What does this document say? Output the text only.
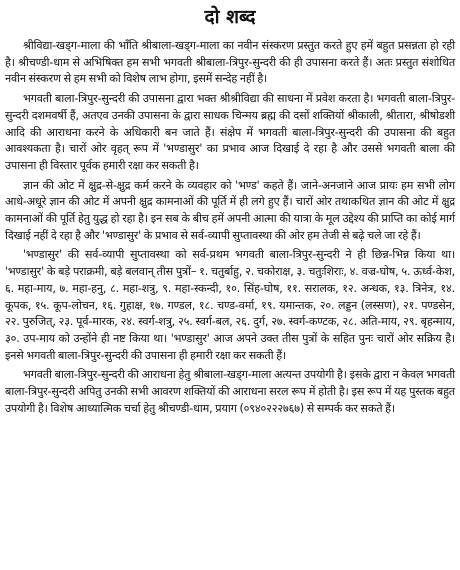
दो शब्द

श्रीविद्या-खड्ग-माला की भाँति श्रीबाला-खड्ग-माला का नवीन संस्करण प्रस्तुत करते हुए हमें बहुत प्रसन्नता हो रही है। श्रीचण्डी-धाम से अभिषिक्त हम सभी भगवती श्रीबाला-त्रिपुर-सुन्दरी की ही उपासना करते हैं। अतः प्रस्तुत संशोधित नवीन संस्करण से हम सभी को विशेष लाभ होगा, इसमें सन्देह नहीं है।

भगवती बाला-त्रिपुर-सुन्दरी की उपासना द्वारा भक्त श्रीश्रीविद्या की साधना में प्रवेश करता है। भगवती बाला-त्रिपुर-सुन्दरी दशमवर्षी हैं, अतएव उनकी उपासना के द्वारा साधक चिन्मय ब्रह्म की दसों शक्तियों श्रीकाली, श्रीतारा, श्रीषोडशी आदि की आराधना करने के अधिकारी बन जाते हैं। संक्षेप में भगवती बाला-त्रिपुर-सुन्दरी की उपासना की बहुत आवश्यकता है। चारों ओर वृहत् रूप में 'भण्डासुर' का प्रभाव आज दिखाई दे रहा है और उससे भगवती बाला की उपासना ही विस्तार पूर्वक हमारी रक्षा कर सकती है।

ज्ञान की ओट में क्षुद्र-से-क्षुद्र कर्म करने के व्यवहार को 'भण्ड' कहते हैं। जाने-अनजाने आज प्रायः हम सभी लोग आधे-अधूरे ज्ञान की ओट में अपनी क्षुद्र कामनाओं की पूर्ति में ही लगे हुए हैं। चारों ओर तथाकथित ज्ञान की ओट में क्षुद्र कामनाओं की पूर्ति हेतु युद्ध हो रहा है। इन सब के बीच हमें अपनी आत्मा की यात्रा के मूल उद्देश्य की प्राप्ति का कोई मार्ग दिखाई नहीं दे रहा है और 'भण्डासुर' के प्रभाव से सर्व-व्यापी सुप्तावस्था की ओर हम तेजी से बढ़े चले जा रहे हैं।

'भण्डासुर' की सर्व-व्यापी सुप्तावस्था को सर्व-प्रथम भगवती बाला-त्रिपुर-सुन्दरी ने ही छिन्न-भिन्न किया था। 'भण्डासुर' के बड़े पराक्रमी, बड़े बलवान् तीस पुत्रों– १. चतुर्बाहु, २. चकोराक्ष, ३. चतुःशिराः, ४. वज्र-घोष, ५. ऊर्ध्व-केश, ६. महा-माय, ७. महा-हनु, ८. महा-शत्रु, ९. महा-स्कन्दी, १०. सिंह-घोष, ११. सरालक, १२. अन्धक, १३. त्रिनेत्र, १४. कूपक, १५. कूप-लोचन, १६. गुहाक्ष, १७. गण्डल, १८. चण्ड-वर्मा, १९. यमान्तक, २०. लड्डन (लस्सण), २१. पण्डसेन, २२. पुरुजित्, २३. पूर्व-मारक, २४. स्वर्ग-शत्रु, २५. स्वर्ग-बल, २६. दुर्ग, २७. स्वर्ग-कण्टक, २८. अति-माय, २९. बृहन्माय, ३०. उप-माय को उन्होंने ही नष्ट किया था। 'भण्डासुर' आज अपने उक्त तीस पुत्रों के सहित पुनः चारों ओर सक्रिय है। इनसे भगवती बाला-त्रिपुर-सुन्दरी की उपासना ही हमारी रक्षा कर सकती हैं।

भगवती बाला-त्रिपुर-सुन्दरी की आराधना हेतु श्रीबाला-खड्ग-माला अत्यन्त उपयोगी है। इसके द्वारा न केवल भगवती बाला-त्रिपुर-सुन्दरी अपितु उनकी सभी आवरण शक्तियों की आराधना सरल रूप में होती है। इस रूप में यह पुस्तक बहुत उपयोगी है। विशेष आध्यात्मिक चर्चा हेतु श्रीचण्डी-धाम, प्रयाग (०९४०२२२७६७) से सम्पर्क कर सकते हैं।
